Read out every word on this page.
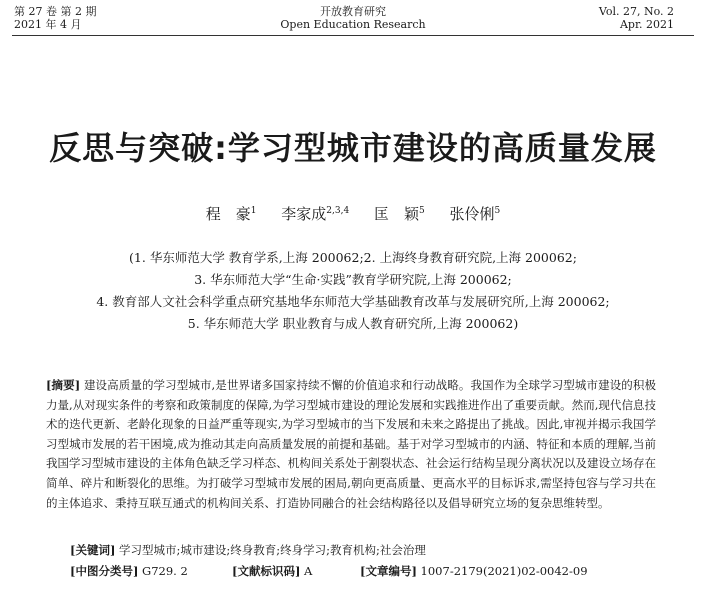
第 27 卷 第 2 期
2021 年 4 月
开放教育研究
Open Education Research
Vol. 27, No. 2
Apr. 2021
反思与突破:学习型城市建设的高质量发展
程　豪$^1$ 李家成$^{2,3,4}$ 匡　颖$^5$ 张伶俐$^5$
(1. 华东师范大学 教育学系,上海 200062;2. 上海终身教育研究院,上海 200062;
3. 华东师范大学“生命·实践”教育学研究院,上海 200062;
4. 教育部人文社会科学重点研究基地华东师范大学基础教育改革与发展研究所,上海 200062;
5. 华东师范大学 职业教育与成人教育研究所,上海 200062)

[摘要] 建设高质量的学习型城市,是世界诸多国家持续不懈的价值追求和行动战略。我国作为全球学习型城市建设的积极力量,从对现实条件的考察和政策制度的保障,为学习型城市建设的理论发展和实践推进作出了重要贡献。然而,现代信息技术的迭代更新、老龄化现象的日益严重等现实,为学习型城市的当下发展和未来之路提出了挑战。因此,审视并揭示我国学习型城市发展的若干困境,成为推动其走向高质量发展的前提和基础。基于对学习型城市的内涵、特征和本质的理解,当前我国学习型城市建设的主体角色缺乏学习样态、机构间关系处于割裂状态、社会运行结构呈现分离状况以及建设立场存在简单、碎片和断裂化的思维。为打破学习型城市发展的困局,朝向更高质量、更高水平的目标诉求,需坚持包容与学习共在的主体追求、秉持互联互通式的机构间关系、打造协同融合的社会结构路径以及倡导研究立场的复杂思维转型。

[关键词] 学习型城市;城市建设;终身教育;终身学习;教育机构;社会治理
[中图分类号] G729. 2	[文献标识码] A	[文章编号] 1007-2179(2021)02-0042-09
